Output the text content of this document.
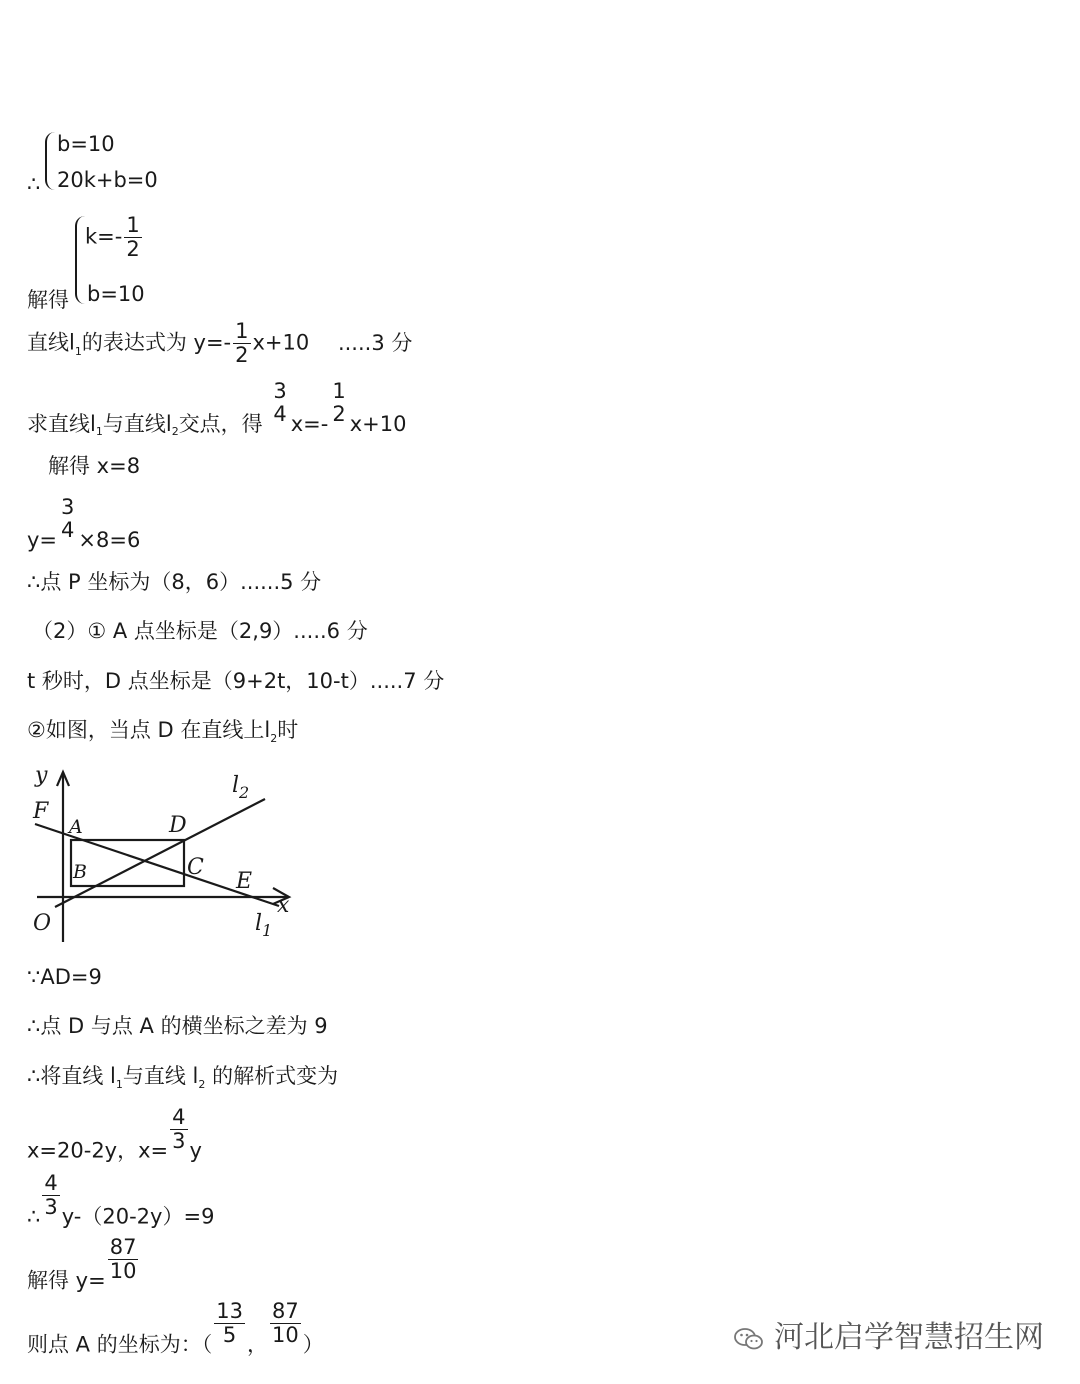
∴
b=10
20k+b=0
解得
$k=- \frac{1}{2}$
b=10
直线$l_1$的表达式为 $y=- \frac{1}{2} x+10$ .....3 分
求直线$l_1$与直线$l_2$交点，得
3
4 x=-
1
2 x+10
解得 x=8
y=
3
4 ×8=6
∴点 P 坐标为（8，6）......5 分
（2）① A 点坐标是（2,9）.....6 分
t 秒时，D 点坐标是（9+2t，10-t）.....7 分
②如图，当点 D 在直线上$l_2$时
y
x
F
A	D
B	C
E
O
$l_2$
$l_1$
∵AD=9
∴点 D 与点 A 的横坐标之差为 9
∴将直线 $l_1$与直线 $l_2$ 的解析式变为
x=20-2y，$x= \frac{4}{3}$ y
∴ $\frac{4}{3} y-(20-2y)=9$
解得 $y= \frac{87}{10}$
则点 A 的坐标为：（ $\frac{13}{5}$ ， $\frac{87}{10}$ ）	河北启学智慧招生网
